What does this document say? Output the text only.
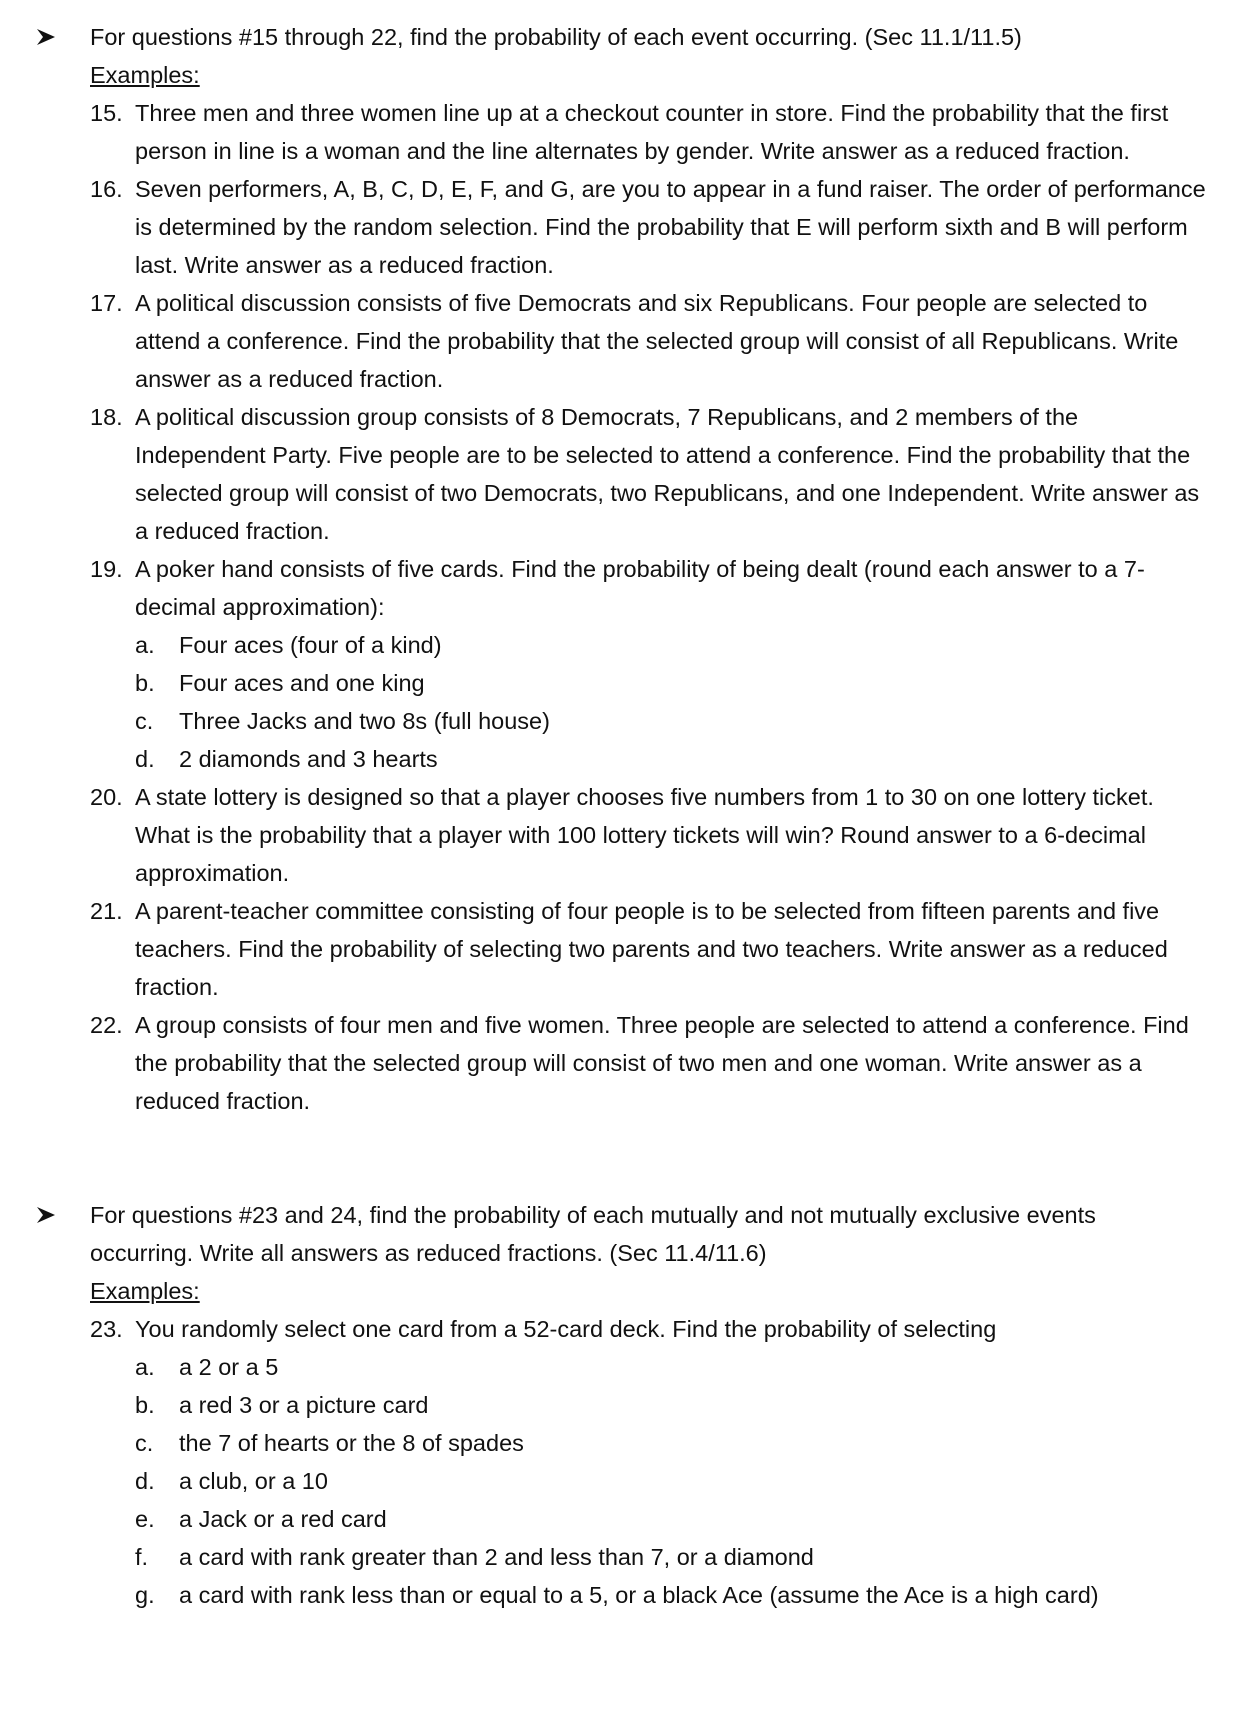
For questions #15 through 22, find the probability of each event occurring. (Sec 11.1/11.5)
Examples:
15. Three men and three women line up at a checkout counter in store. Find the probability that the first person in line is a woman and the line alternates by gender. Write answer as a reduced fraction.
16. Seven performers, A, B, C, D, E, F, and G, are you to appear in a fund raiser. The order of performance is determined by the random selection. Find the probability that E will perform sixth and B will perform last. Write answer as a reduced fraction.
17. A political discussion consists of five Democrats and six Republicans. Four people are selected to attend a conference. Find the probability that the selected group will consist of all Republicans. Write answer as a reduced fraction.
18. A political discussion group consists of 8 Democrats, 7 Republicans, and 2 members of the Independent Party. Five people are to be selected to attend a conference. Find the probability that the selected group will consist of two Democrats, two Republicans, and one Independent. Write answer as a reduced fraction.
19. A poker hand consists of five cards. Find the probability of being dealt (round each answer to a 7-decimal approximation):
a. Four aces (four of a kind)
b. Four aces and one king
c. Three Jacks and two 8s (full house)
d. 2 diamonds and 3 hearts
20. A state lottery is designed so that a player chooses five numbers from 1 to 30 on one lottery ticket. What is the probability that a player with 100 lottery tickets will win? Round answer to a 6-decimal approximation.
21. A parent-teacher committee consisting of four people is to be selected from fifteen parents and five teachers. Find the probability of selecting two parents and two teachers. Write answer as a reduced fraction.
22. A group consists of four men and five women. Three people are selected to attend a conference. Find the probability that the selected group will consist of two men and one woman. Write answer as a reduced fraction.
For questions #23 and 24, find the probability of each mutually and not mutually exclusive events occurring. Write all answers as reduced fractions. (Sec 11.4/11.6)
Examples:
23. You randomly select one card from a 52-card deck. Find the probability of selecting
a. a 2 or a 5
b. a red 3 or a picture card
c. the 7 of hearts or the 8 of spades
d. a club, or a 10
e. a Jack or a red card
f. a card with rank greater than 2 and less than 7, or a diamond
g. a card with rank less than or equal to a 5, or a black Ace (assume the Ace is a high card)
